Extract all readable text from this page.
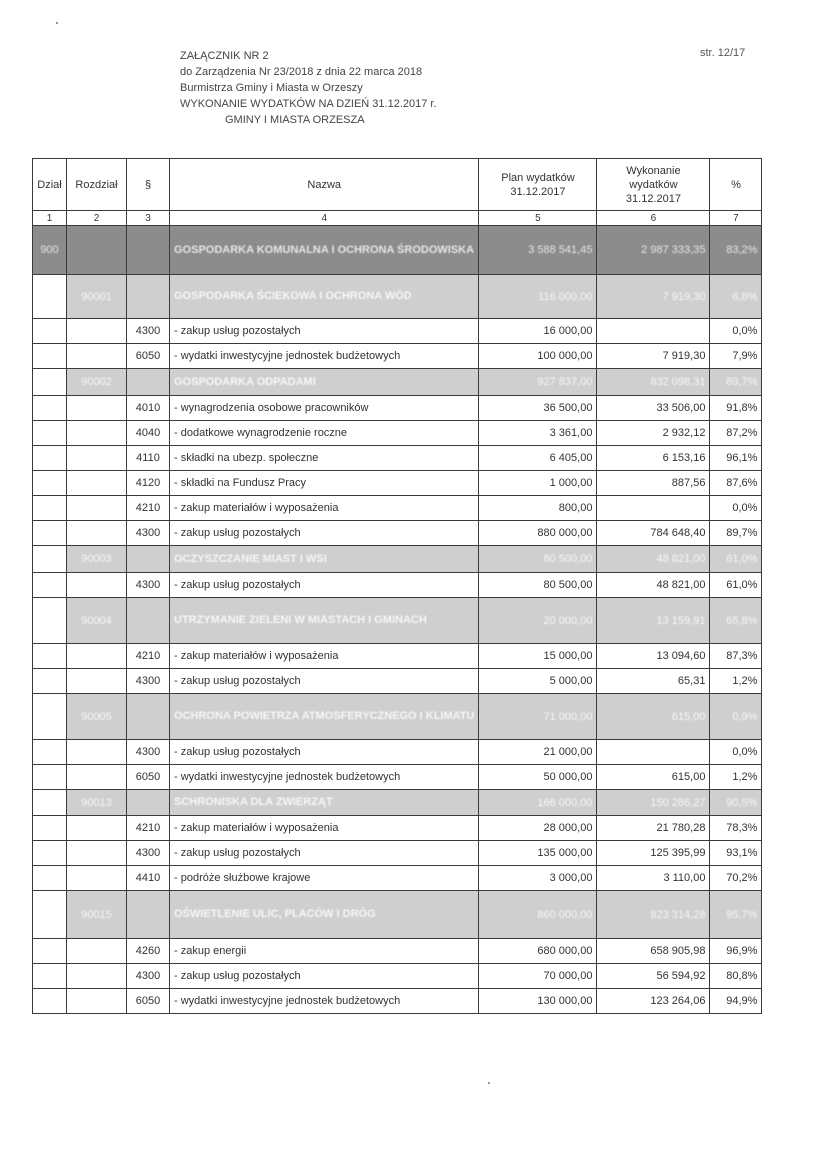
ZAŁĄCZNIK NR 2
do Zarządzenia Nr 23/2018 z dnia 22 marca 2018
Burmistrza Gminy i Miasta w Orzeszy
WYKONANIE WYDATKÓW NA DZIEŃ 31.12.2017 r.
GMINY I MIASTA ORZESZA
str. 12/17
Dział	Rozdział	§	Nazwa	Plan wydatków 31.12.2017	Wykonanie wydatków 31.12.2017	%
1	2	3	4	5	6	7
900			GOSPODARKA KOMUNALNA I OCHRONA ŚRODOWISKA	3 588 541,45	2 987 333,35	83,2%
	90001		GOSPODARKA ŚCIEKOWA I OCHRONA WÓD	116 000,00	7 919,30	6,8%
		4300	- zakup usług pozostałych	16 000,00		0,0%
		6050	- wydatki inwestycyjne jednostek budżetowych	100 000,00	7 919,30	7,9%
	90002		GOSPODARKA ODPADAMI	927 837,00	832 098,31	89,7%
		4010	- wynagrodzenia osobowe pracowników	36 500,00	33 506,00	91,8%
		4040	- dodatkowe wynagrodzenie roczne	3 361,00	2 932,12	87,2%
		4110	- składki na ubezp. społeczne	6 405,00	6 153,16	96,1%
		4120	- składki na Fundusz Pracy	1 000,00	887,56	87,6%
		4210	- zakup materiałów i wyposażenia	800,00		0,0%
		4300	- zakup usług pozostałych	880 000,00	784 648,40	89,7%
	90003		OCZYSZCZANIE MIAST I WSI	80 500,00	48 821,00	61,0%
		4300	- zakup usług pozostałych	80 500,00	48 821,00	61,0%
	90004		UTRZYMANIE ZIELENI W MIASTACH I GMINACH	20 000,00	13 159,91	65,8%
		4210	- zakup materiałów i wyposażenia	15 000,00	13 094,60	87,3%
		4300	- zakup usług pozostałych	5 000,00	65,31	1,2%
	90005		OCHRONA POWIETRZA ATMOSFERYCZNEGO I KLIMATU	71 000,00	615,00	0,9%
		4300	- zakup usług pozostałych	21 000,00		0,0%
		6050	- wydatki inwestycyjne jednostek budżetowych	50 000,00	615,00	1,2%
	90013		SCHRONISKA DLA ZWIERZĄT	166 000,00	150 286,27	90,5%
		4210	- zakup materiałów i wyposażenia	28 000,00	21 780,28	78,3%
		4300	- zakup usług pozostałych	135 000,00	125 395,99	93,1%
		4410	- podróże służbowe krajowe	3 000,00	3 110,00	70,2%
	90015		OŚWIETLENIE ULIC, PLACÓW I DRÓG	860 000,00	823 314,28	95,7%
		4260	- zakup energii	680 000,00	658 905,98	96,9%
		4300	- zakup usług pozostałych	70 000,00	56 594,92	80,8%
		6050	- wydatki inwestycyjne jednostek budżetowych	130 000,00	123 264,06	94,9%
